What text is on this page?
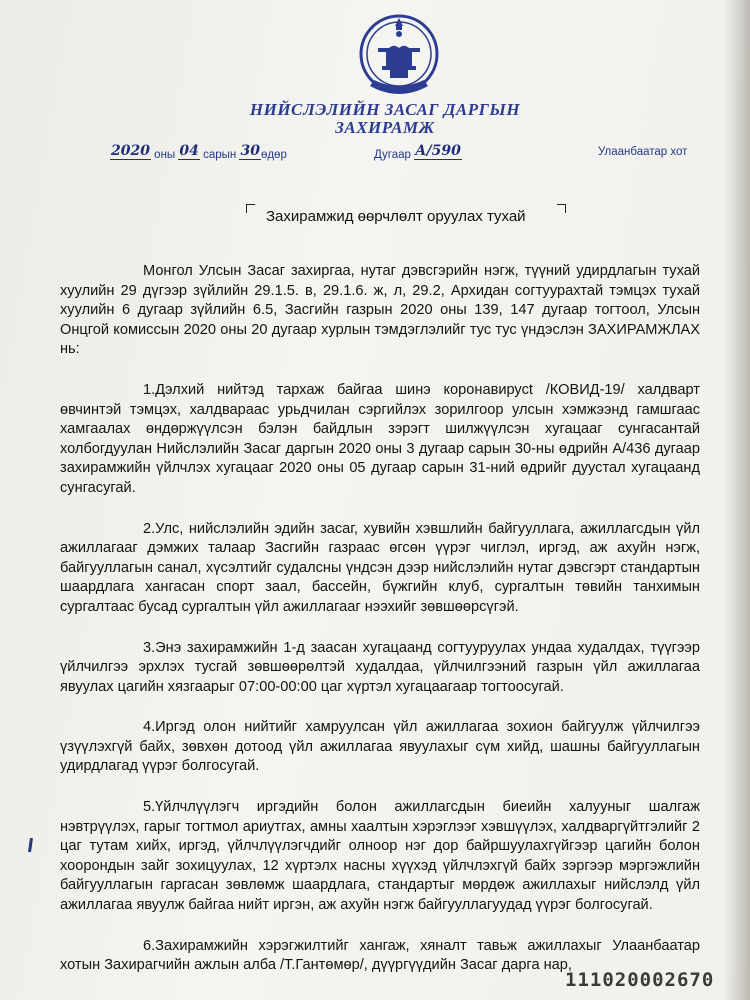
НИЙСЛЭЛИЙН ЗАСАГ ДАРГЫН
ЗАХИРАМЖ
2020 оны 04 сарын 30өдөр	Дугаар А/590	Улаанбаатар хот
Захирамжид өөрчлөлт оруулах тухай

Монгол Улсын Засаг захиргаа, нутаг дэвсгэрийн нэгж, түүний удирдлагын тухай хуулийн 29 дүгээр зүйлийн 29.1.5. в, 29.1.6. ж, л, 29.2, Архидан согтуурахтай тэмцэх тухай хуулийн 6 дугаар зүйлийн 6.5, Засгийн газрын 2020 оны 139, 147 дугаар тогтоол, Улсын Онцгой комиссын 2020 оны 20 дугаар хурлын тэмдэглэлийг тус тус үндэслэн ЗАХИРАМЖЛАХ нь:

1.Дэлхий нийтэд тархаж байгаа шинэ коронавирусt /КОВИД-19/ халдварт өвчинтэй тэмцэх, халдвараас урьдчилан сэргийлэх зорилгоор улсын хэмжээнд гамшгаас хамгаалах өндөржүүлсэн бэлэн байдлын зэрэгт шилжүүлсэн хугацааг сунгасантай холбогдуулан Нийслэлийн Засаг даргын 2020 оны 3 дугаар сарын 30-ны өдрийн А/436 дугаар захирамжийн үйлчлэх хугацааг 2020 оны 05 дугаар сарын 31-ний өдрийг дуустал хугацаанд сунгасугай.

2.Улс, нийслэлийн эдийн засаг, хувийн хэвшлийн байгууллага, ажиллагсдын үйл ажиллагааг дэмжих талаар Засгийн газраас өгсөн үүрэг чиглэл, иргэд, аж ахуйн нэгж, байгууллагын санал, хүсэлтийг судалсны үндсэн дээр нийслэлийн нутаг дэвсгэрт стандартын шаардлага хангасан спорт заал, бассейн, бүжгийн клуб, сургалтын төвийн танхимын сургалтаас бусад сургалтын үйл ажиллагааг нээхийг зөвшөөрсүгэй.

3.Энэ захирамжийн 1-д заасан хугацаанд согтууруулах ундаа худалдах, түүгээр үйлчилгээ эрхлэх тусгай зөвшөөрөлтэй худалдаа, үйлчилгээний газрын үйл ажиллагаа явуулах цагийн хязгаарыг 07:00-00:00 цаг хүртэл хугацаагаар тогтоосугай.

4.Иргэд олон нийтийг хамруулсан үйл ажиллагаа зохион байгуулж үйлчилгээ үзүүлэхгүй байх, зөвхөн дотоод үйл ажиллагаа явуулахыг сүм хийд, шашны байгууллагын удирдлагад үүрэг болгосугай.

5.Үйлчлүүлэгч иргэдийн болон ажиллагсдын биеийн халууныг шалгаж нэвтрүүлэх, гарыг тогтмол ариутгах, амны хаалтын хэрэглээг хэвшүүлэх, халдваргүйтгэлийг 2 цаг тутам хийх, иргэд, үйлчлүүлэгчдийг олноор нэг дор байршуулахгүйгээр цагийн болон хоорондын зайг зохицуулах, 12 хүртэлх насны хүүхэд үйлчлэхгүй байх зэргээр мэргэжлийн байгууллагын гаргасан зөвлөмж шаардлага, стандартыг мөрдөж ажиллахыг нийслэлд үйл ажиллагаа явуулж байгаа нийт иргэн, аж ахуйн нэгж байгууллагуудад үүрэг болгосугай.

6.Захирамжийн хэрэгжилтийг хангаж, хяналт тавьж ажиллахыг Улаанбаатар хотын Захирагчийн ажлын алба /Т.Гантөмөр/, дүүргүүдийн Засаг дарга нар,

111020002670
